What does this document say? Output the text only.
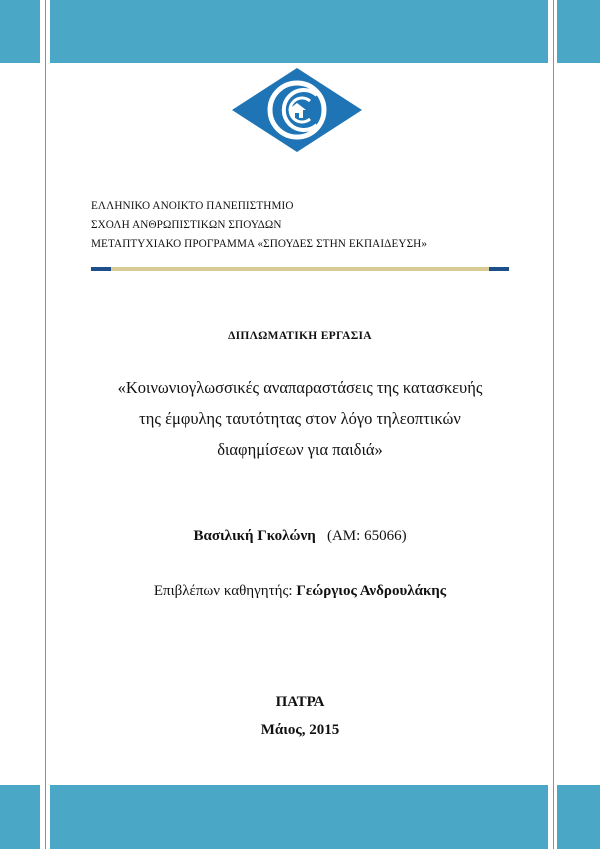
ΕΛΛΗΝΙΚΟ ΑΝΟΙΚΤΟ ΠΑΝΕΠΙΣΤΗΜΙΟ
ΣΧΟΛΗ ΑΝΘΡΩΠΙΣΤΙΚΩΝ ΣΠΟΥΔΩΝ
ΜΕΤΑΠΤΥΧΙΑΚΟ ΠΡΟΓΡΑΜΜΑ «ΣΠΟΥΔΕΣ ΣΤΗΝ ΕΚΠΑΙΔΕΥΣΗ»
ΔΙΠΛΩΜΑΤΙΚΗ ΕΡΓΑΣΙΑ
«Κοινωνιογλωσσικές αναπαραστάσεις της κατασκευής
της έμφυλης ταυτότητας στον λόγο τηλεοπτικών
διαφημίσεων για παιδιά»
Βασιλική Γκολώνη (ΑΜ: 65066)
Επιβλέπων καθηγητής: Γεώργιος Ανδρουλάκης
ΠΑΤΡΑ
Μάιος, 2015
